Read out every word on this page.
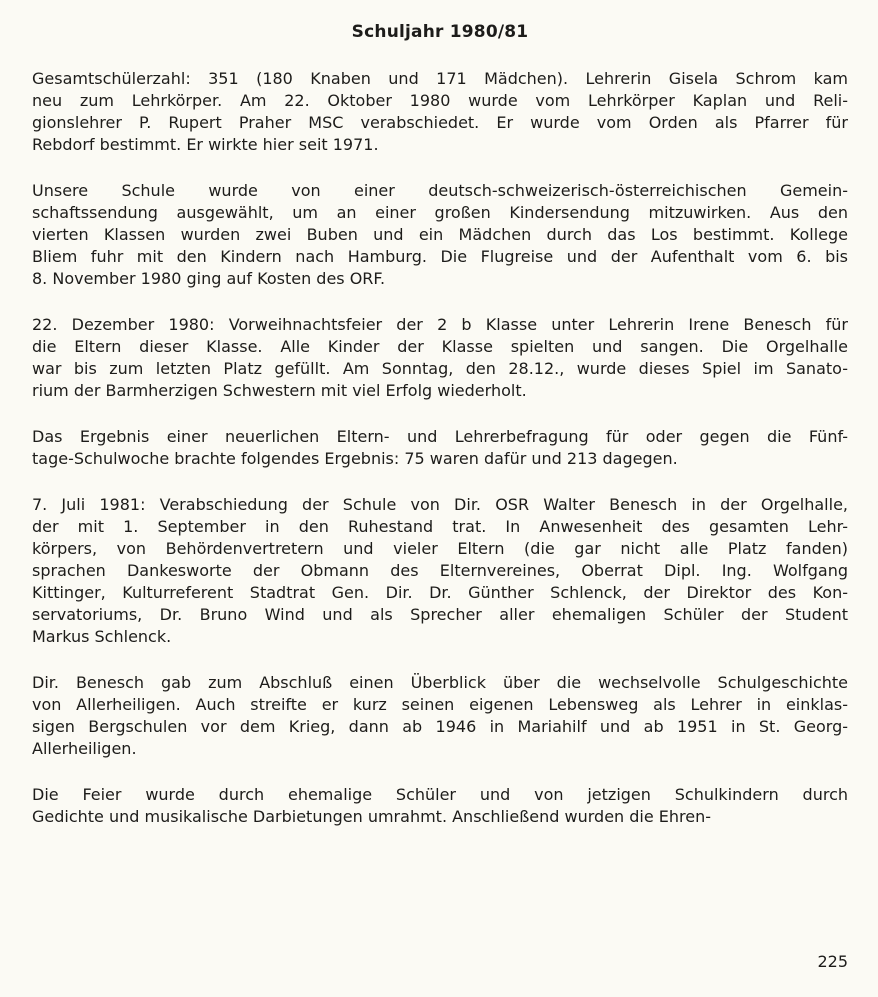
Schuljahr 1980/81

Gesamtschülerzahl: 351 (180 Knaben und 171 Mädchen). Lehrerin Gisela Schrom kam
neu zum Lehrkörper. Am 22. Oktober 1980 wurde vom Lehrkörper Kaplan und Reli-
gionslehrer P. Rupert Praher MSC verabschiedet. Er wurde vom Orden als Pfarrer für
Rebdorf bestimmt. Er wirkte hier seit 1971.

Unsere Schule wurde von einer deutsch-schweizerisch-österreichischen Gemein-
schaftssendung ausgewählt, um an einer großen Kindersendung mitzuwirken. Aus den
vierten Klassen wurden zwei Buben und ein Mädchen durch das Los bestimmt. Kollege
Bliem fuhr mit den Kindern nach Hamburg. Die Flugreise und der Aufenthalt vom 6. bis
8. November 1980 ging auf Kosten des ORF.

22. Dezember 1980: Vorweihnachtsfeier der 2 b Klasse unter Lehrerin Irene Benesch für
die Eltern dieser Klasse. Alle Kinder der Klasse spielten und sangen. Die Orgelhalle
war bis zum letzten Platz gefüllt. Am Sonntag, den 28.12., wurde dieses Spiel im Sanato-
rium der Barmherzigen Schwestern mit viel Erfolg wiederholt.

Das Ergebnis einer neuerlichen Eltern- und Lehrerbefragung für oder gegen die Fünf-
tage-Schulwoche brachte folgendes Ergebnis: 75 waren dafür und 213 dagegen.

7. Juli 1981: Verabschiedung der Schule von Dir. OSR Walter Benesch in der Orgelhalle,
der mit 1. September in den Ruhestand trat. In Anwesenheit des gesamten Lehr-
körpers, von Behördenvertretern und vieler Eltern (die gar nicht alle Platz fanden)
sprachen Dankesworte der Obmann des Elternvereines, Oberrat Dipl. Ing. Wolfgang
Kittinger, Kulturreferent Stadtrat Gen. Dir. Dr. Günther Schlenck, der Direktor des Kon-
servatoriums, Dr. Bruno Wind und als Sprecher aller ehemaligen Schüler der Student
Markus Schlenck.

Dir. Benesch gab zum Abschluß einen Überblick über die wechselvolle Schulgeschichte
von Allerheiligen. Auch streifte er kurz seinen eigenen Lebensweg als Lehrer in einklas-
sigen Bergschulen vor dem Krieg, dann ab 1946 in Mariahilf und ab 1951 in St. Georg-
Allerheiligen.

Die Feier wurde durch ehemalige Schüler und von jetzigen Schulkindern durch
Gedichte und musikalische Darbietungen umrahmt. Anschließend wurden die Ehren-

225
